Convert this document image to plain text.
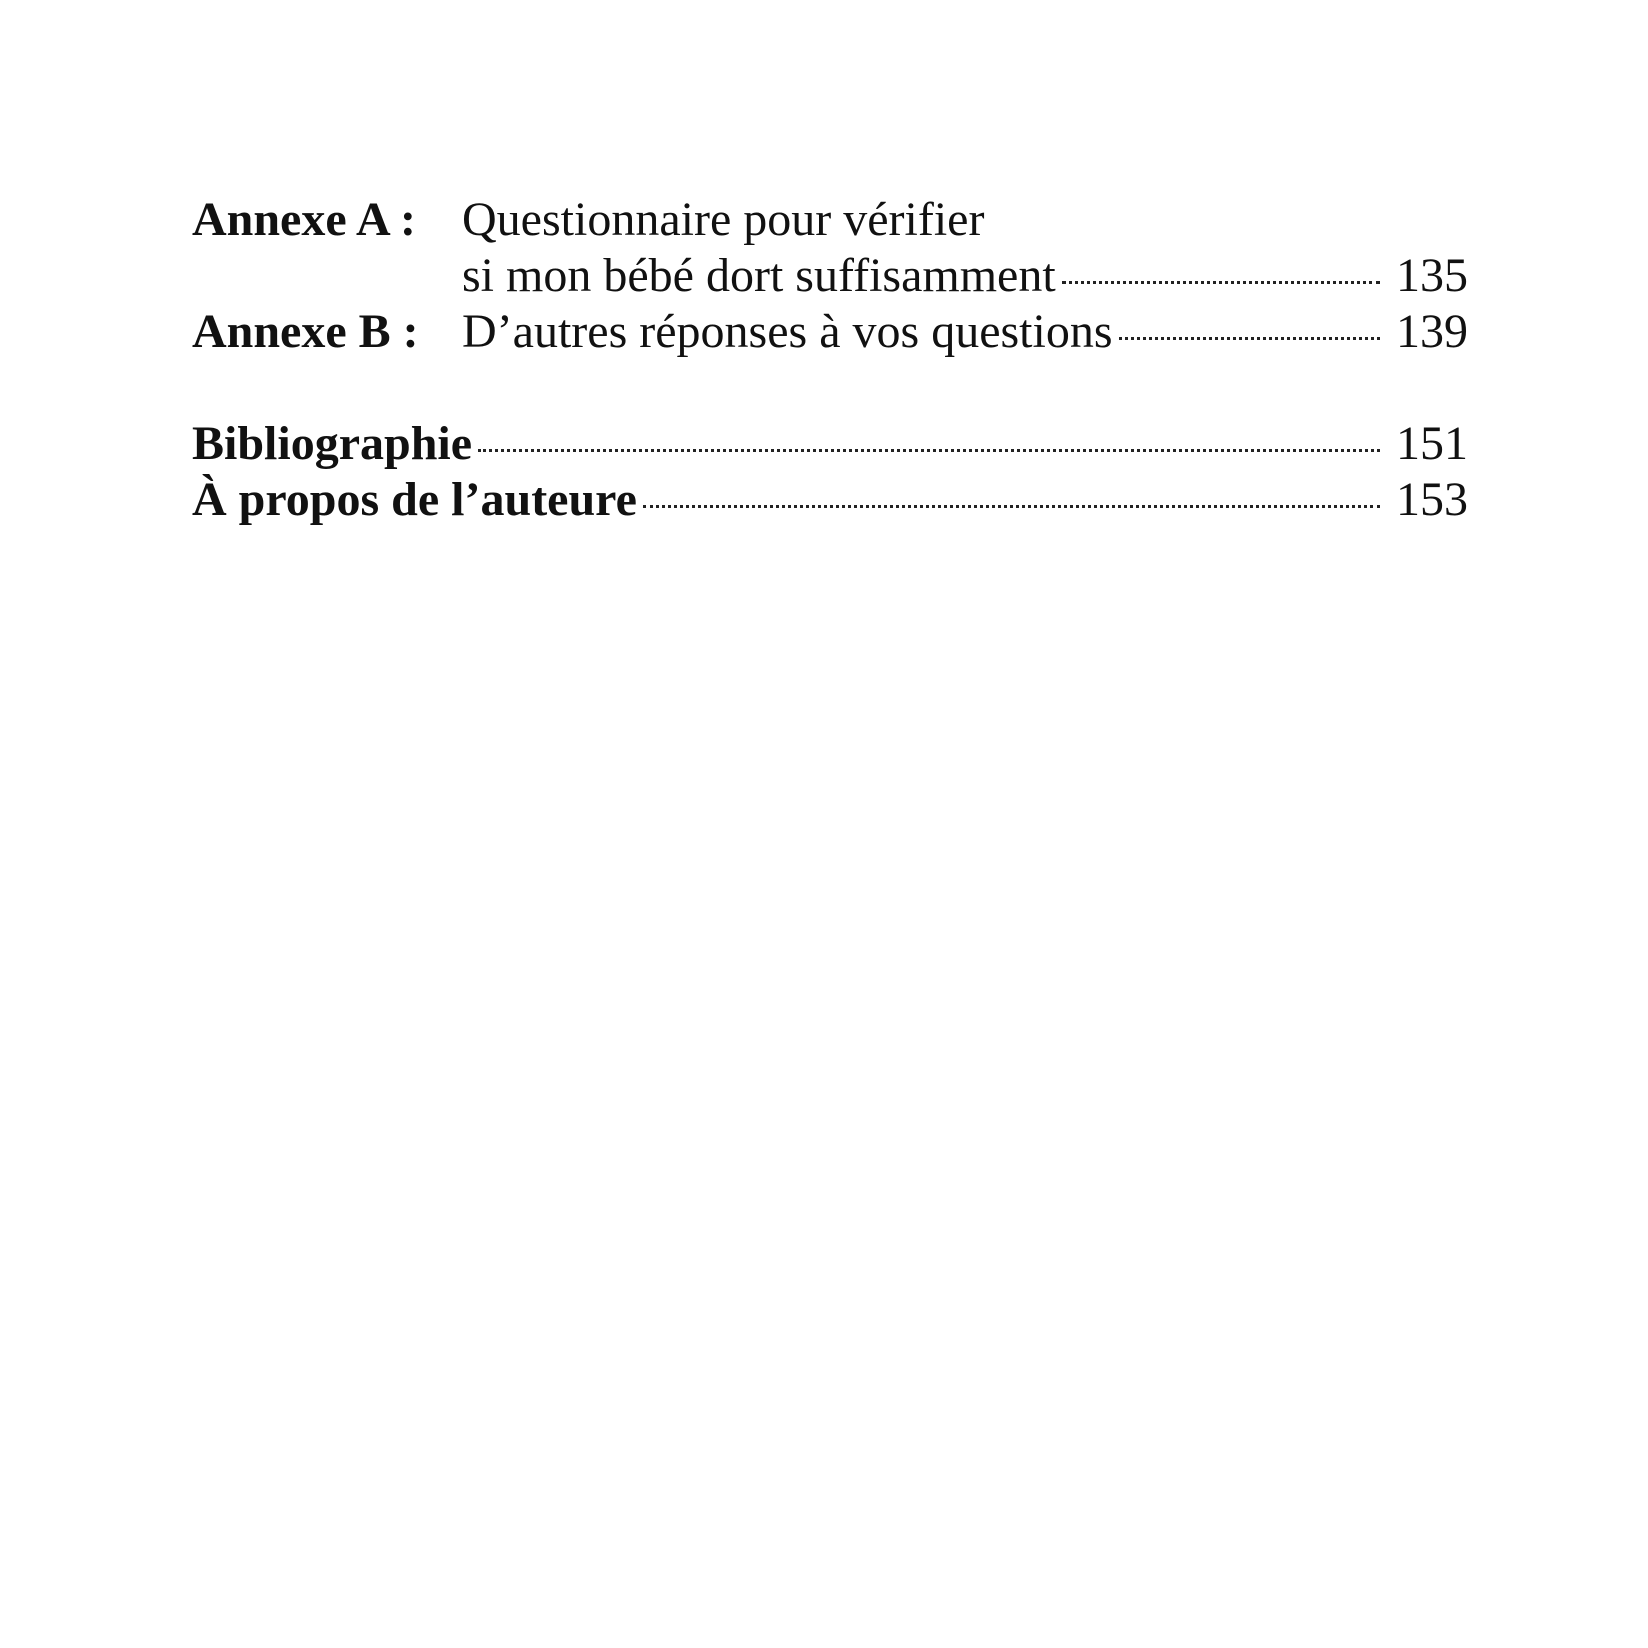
Annexe A : Questionnaire pour vérifier
si mon bébé dort suffisamment	135
Annexe B : D’autres réponses à vos questions	139
Bibliographie	151
À propos de l’auteure	153
